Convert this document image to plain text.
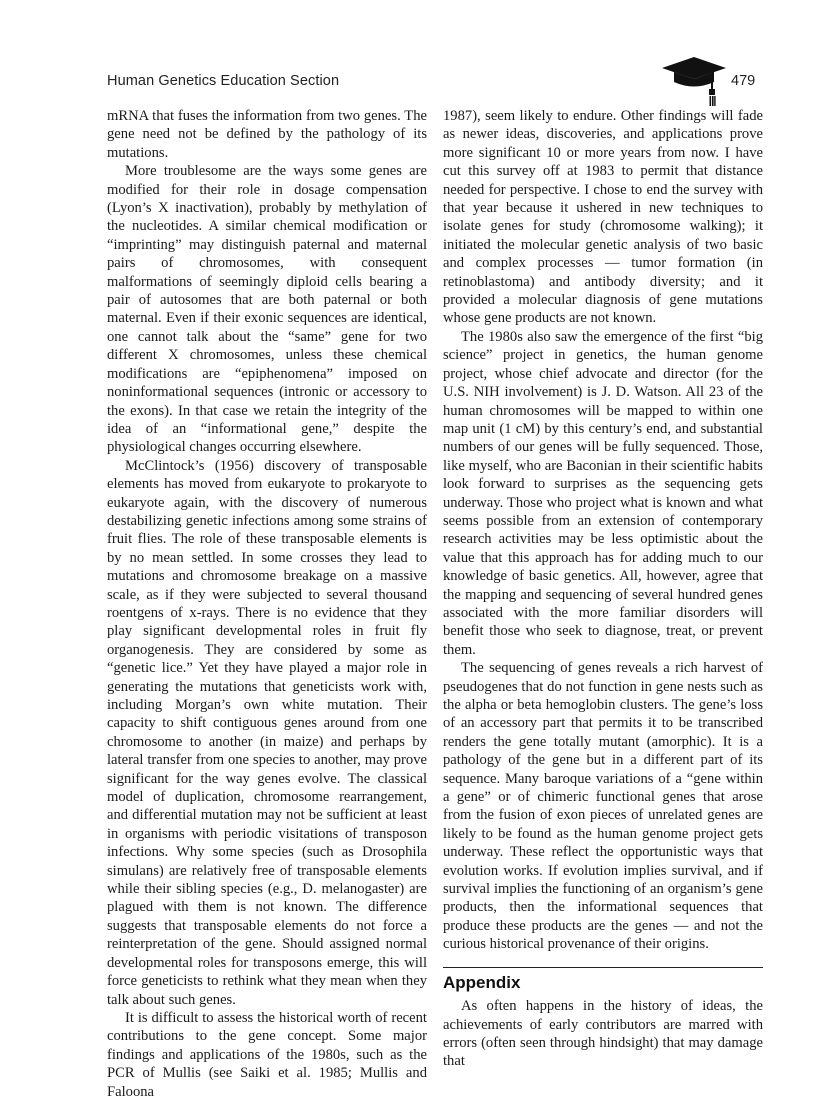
Human Genetics Education Section	479

mRNA that fuses the information from two genes. The gene need not be defined by the pathology of its mutations.

More troublesome are the ways some genes are modified for their role in dosage compensation (Lyon’s X inactivation), probably by methylation of the nucleotides. A similar chemical modification or “imprinting” may distinguish paternal and maternal pairs of chromosomes, with consequent malformations of seemingly diploid cells bearing a pair of autosomes that are both paternal or both maternal. Even if their exonic sequences are identical, one cannot talk about the “same” gene for two different X chromosomes, unless these chemical modifications are “epiphenomena” imposed on noninformational sequences (intronic or accessory to the exons). In that case we retain the integrity of the idea of an “informational gene,” despite the physiological changes occurring elsewhere.

McClintock’s (1956) discovery of transposable elements has moved from eukaryote to prokaryote to eukaryote again, with the discovery of numerous destabilizing genetic infections among some strains of fruit flies. The role of these transposable elements is by no mean settled. In some crosses they lead to mutations and chromosome breakage on a massive scale, as if they were subjected to several thousand roentgens of x-rays. There is no evidence that they play significant developmental roles in fruit fly organogenesis. They are considered by some as “genetic lice.” Yet they have played a major role in generating the mutations that geneticists work with, including Morgan’s own white mutation. Their capacity to shift contiguous genes around from one chromosome to another (in maize) and perhaps by lateral transfer from one species to another, may prove significant for the way genes evolve. The classical model of duplication, chromosome rearrangement, and differential mutation may not be sufficient at least in organisms with periodic visitations of transposon infections. Why some species (such as Drosophila simulans) are relatively free of transposable elements while their sibling species (e.g., D. melanogaster) are plagued with them is not known. The difference suggests that transposable elements do not force a reinterpretation of the gene. Should assigned normal developmental roles for transposons emerge, this will force geneticists to rethink what they mean when they talk about such genes.

It is difficult to assess the historical worth of recent contributions to the gene concept. Some major findings and applications of the 1980s, such as the PCR of Mullis (see Saiki et al. 1985; Mullis and Faloona

1987), seem likely to endure. Other findings will fade as newer ideas, discoveries, and applications prove more significant 10 or more years from now. I have cut this survey off at 1983 to permit that distance needed for perspective. I chose to end the survey with that year because it ushered in new techniques to isolate genes for study (chromosome walking); it initiated the molecular genetic analysis of two basic and complex processes — tumor formation (in retinoblastoma) and antibody diversity; and it provided a molecular diagnosis of gene mutations whose gene products are not known.

The 1980s also saw the emergence of the first “big science” project in genetics, the human genome project, whose chief advocate and director (for the U.S. NIH involvement) is J. D. Watson. All 23 of the human chromosomes will be mapped to within one map unit (1 cM) by this century’s end, and substantial numbers of our genes will be fully sequenced. Those, like myself, who are Baconian in their scientific habits look forward to surprises as the sequencing gets underway. Those who project what is known and what seems possible from an extension of contemporary research activities may be less optimistic about the value that this approach has for adding much to our knowledge of basic genetics. All, however, agree that the mapping and sequencing of several hundred genes associated with the more familiar disorders will benefit those who seek to diagnose, treat, or prevent them.

The sequencing of genes reveals a rich harvest of pseudogenes that do not function in gene nests such as the alpha or beta hemoglobin clusters. The gene’s loss of an accessory part that permits it to be transcribed renders the gene totally mutant (amorphic). It is a pathology of the gene but in a different part of its sequence. Many baroque variations of a “gene within a gene” or of chimeric functional genes that arose from the fusion of exon pieces of unrelated genes are likely to be found as the human genome project gets underway. These reflect the opportunistic ways that evolution works. If evolution implies survival, and if survival implies the functioning of an organism’s gene products, then the informational sequences that produce these products are the genes — and not the curious historical provenance of their origins.

Appendix

As often happens in the history of ideas, the achievements of early contributors are marred with errors (often seen through hindsight) that may damage that
